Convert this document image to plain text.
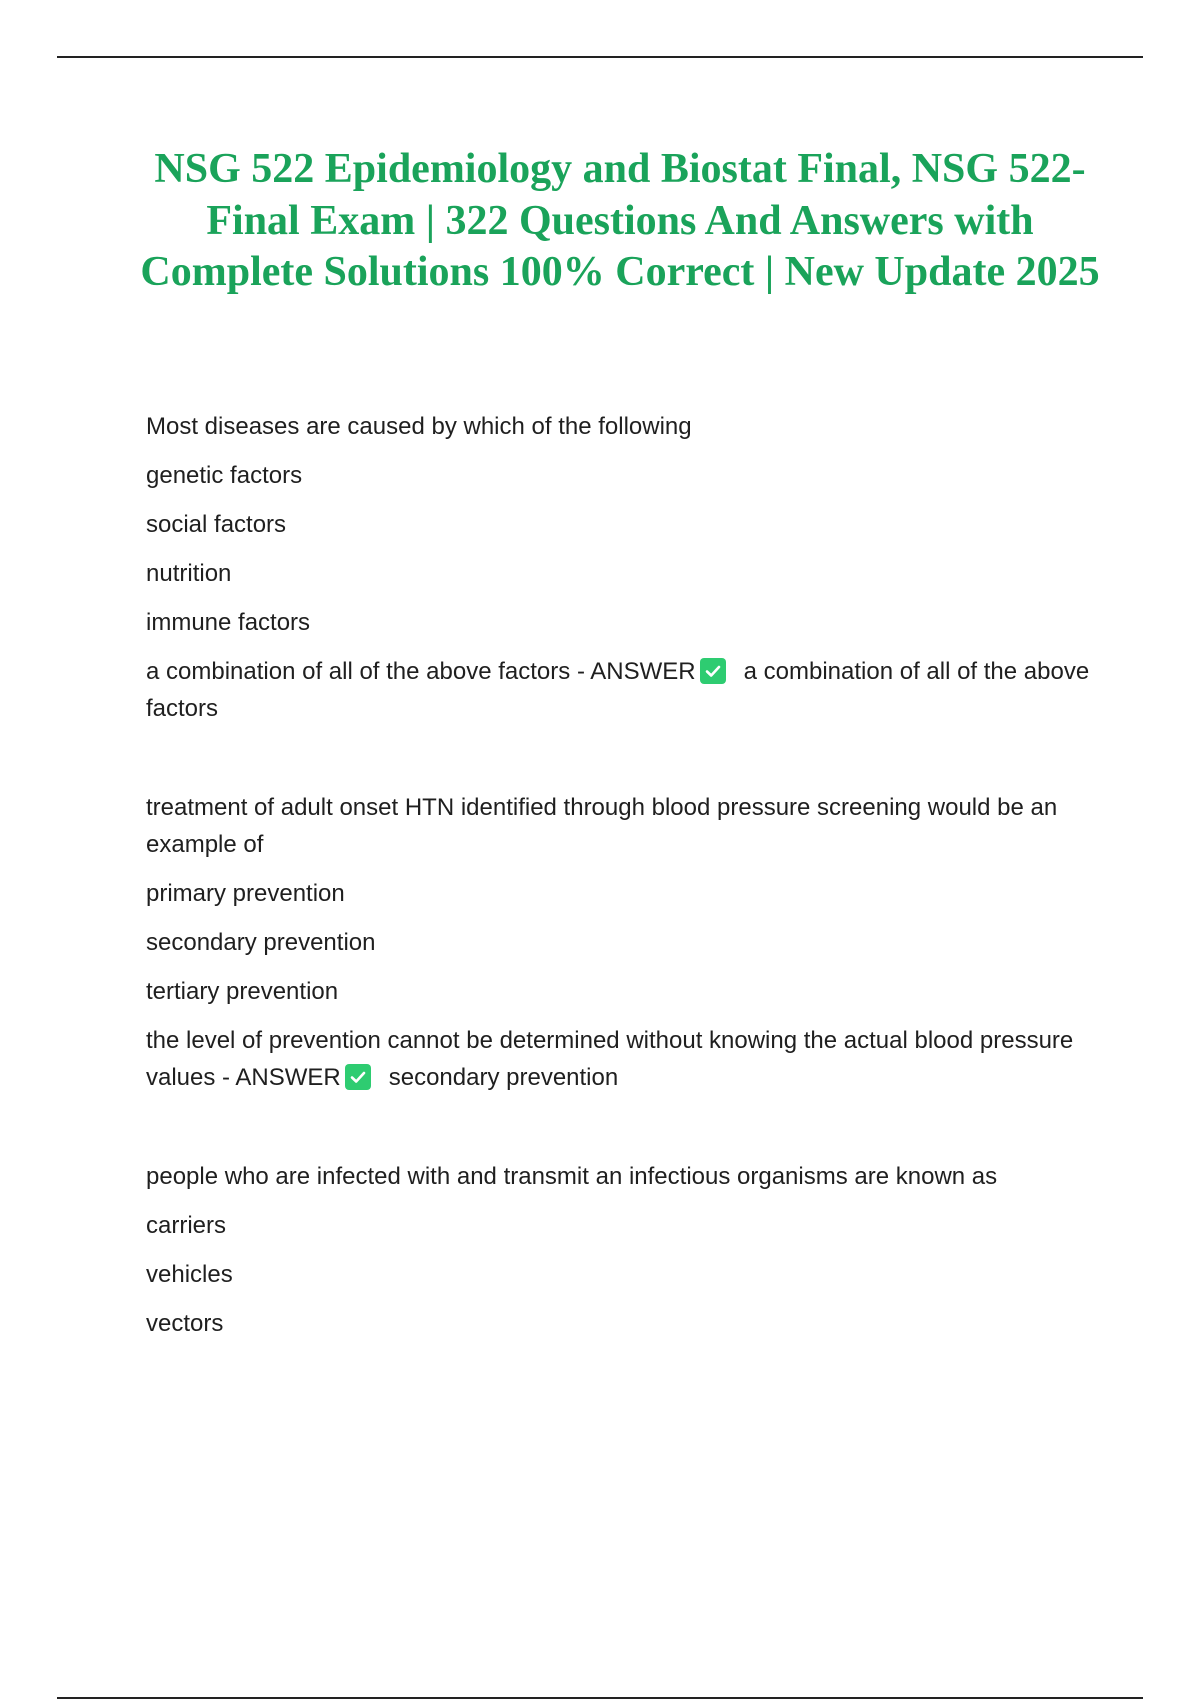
NSG 522 Epidemiology and Biostat Final, NSG 522- Final Exam | 322 Questions And Answers with Complete Solutions 100% Correct | New Update 2025

Most diseases are caused by which of the following

genetic factors

social factors

nutrition

immune factors

a combination of all of the above factors - ANSWER a combination of all of the above factors

treatment of adult onset HTN identified through blood pressure screening would be an example of

primary prevention

secondary prevention

tertiary prevention

the level of prevention cannot be determined without knowing the actual blood pressure values - ANSWER secondary prevention

people who are infected with and transmit an infectious organisms are known as

carriers

vehicles

vectors
